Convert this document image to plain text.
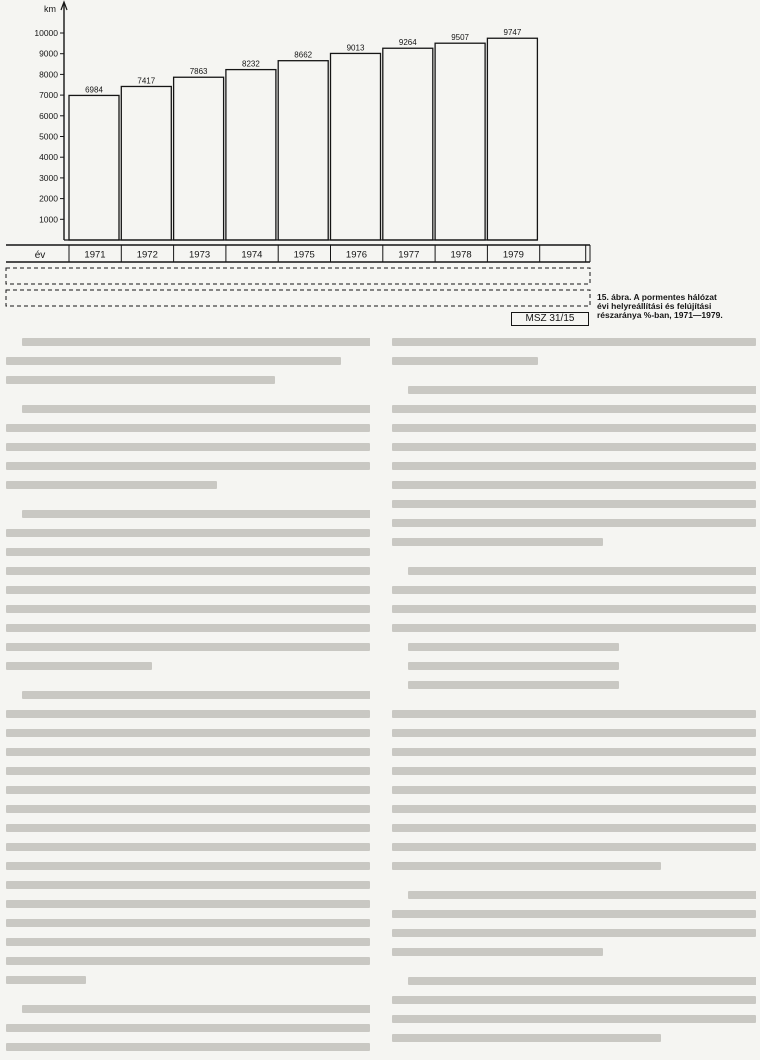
km
1000
2000
3000
4000
5000
6000
7000
8000
9000
10000
6984
7417
7863
8232
8662
9013
9264
9507
9747
év	1971	1972	1973	1974	1975	1976	1977	1978	1979
15. ábra. A pormentes hálózat
évi helyreállítási és felújítási
részaránya %-ban, 1971—1979.
MSZ 31/15
